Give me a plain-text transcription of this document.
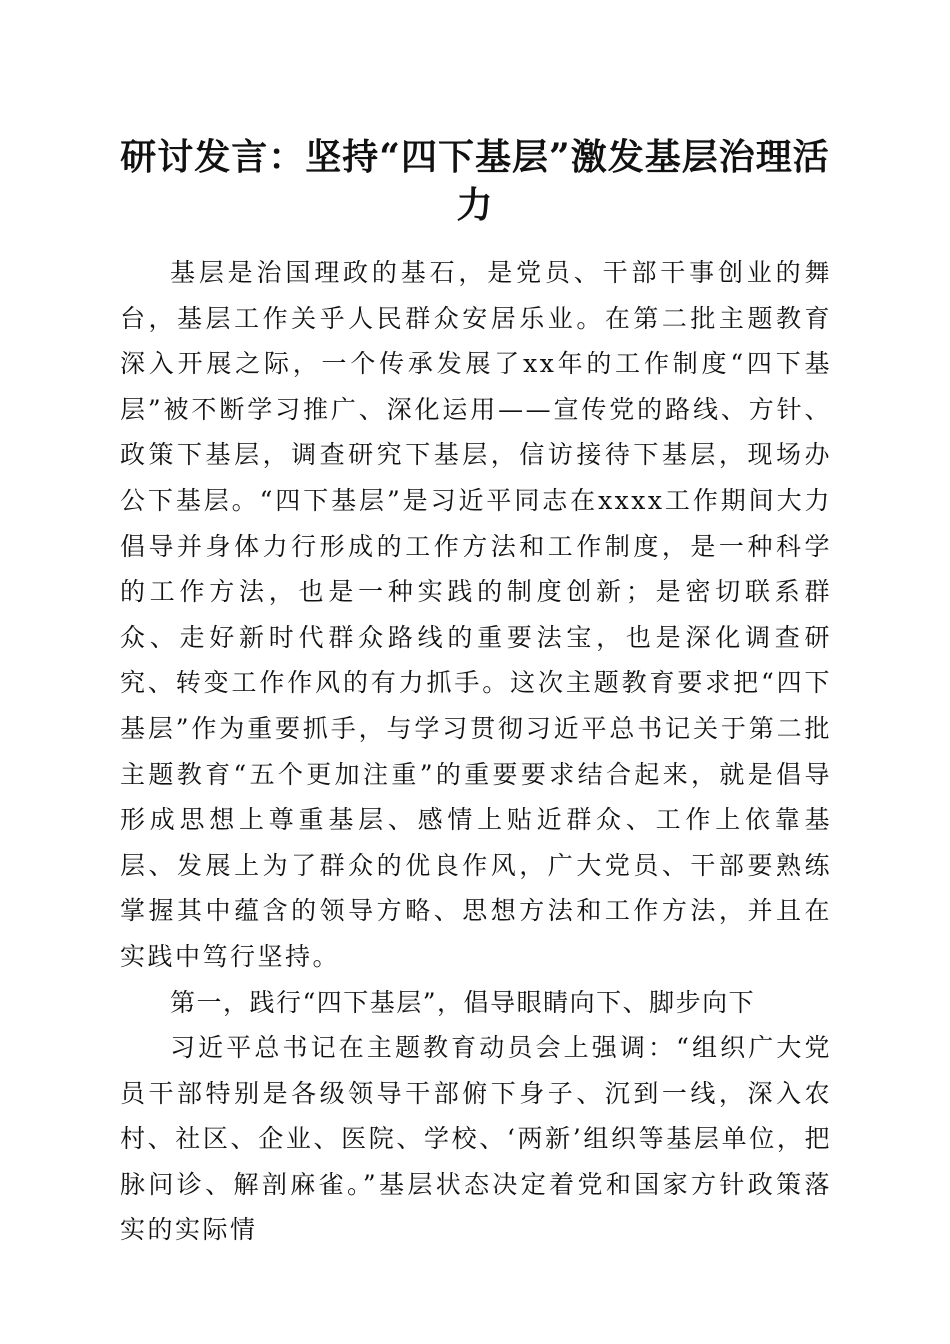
研讨发言：坚持“四下基层”激发基层治理活力

基层是治国理政的基石，是党员、干部干事创业的舞台，基层工作关乎人民群众安居乐业。在第二批主题教育深入开展之际，一个传承发展了xx年的工作制度“四下基层”被不断学习推广、深化运用——宣传党的路线、方针、政策下基层，调查研究下基层，信访接待下基层，现场办公下基层。“四下基层”是习近平同志在xxxx工作期间大力倡导并身体力行形成的工作方法和工作制度，是一种科学的工作方法，也是一种实践的制度创新；是密切联系群众、走好新时代群众路线的重要法宝，也是深化调查研究、转变工作作风的有力抓手。这次主题教育要求把“四下基层”作为重要抓手，与学习贯彻习近平总书记关于第二批主题教育“五个更加注重”的重要要求结合起来，就是倡导形成思想上尊重基层、感情上贴近群众、工作上依靠基层、发展上为了群众的优良作风，广大党员、干部要熟练掌握其中蕴含的领导方略、思想方法和工作方法，并且在实践中笃行坚持。

第一，践行“四下基层”，倡导眼睛向下、脚步向下

习近平总书记在主题教育动员会上强调：“组织广大党员干部特别是各级领导干部俯下身子、沉到一线，深入农村、社区、企业、医院、学校、‘两新’组织等基层单位，把脉问诊、解剖麻雀。”基层状态决定着党和国家方针政策落实的实际情
